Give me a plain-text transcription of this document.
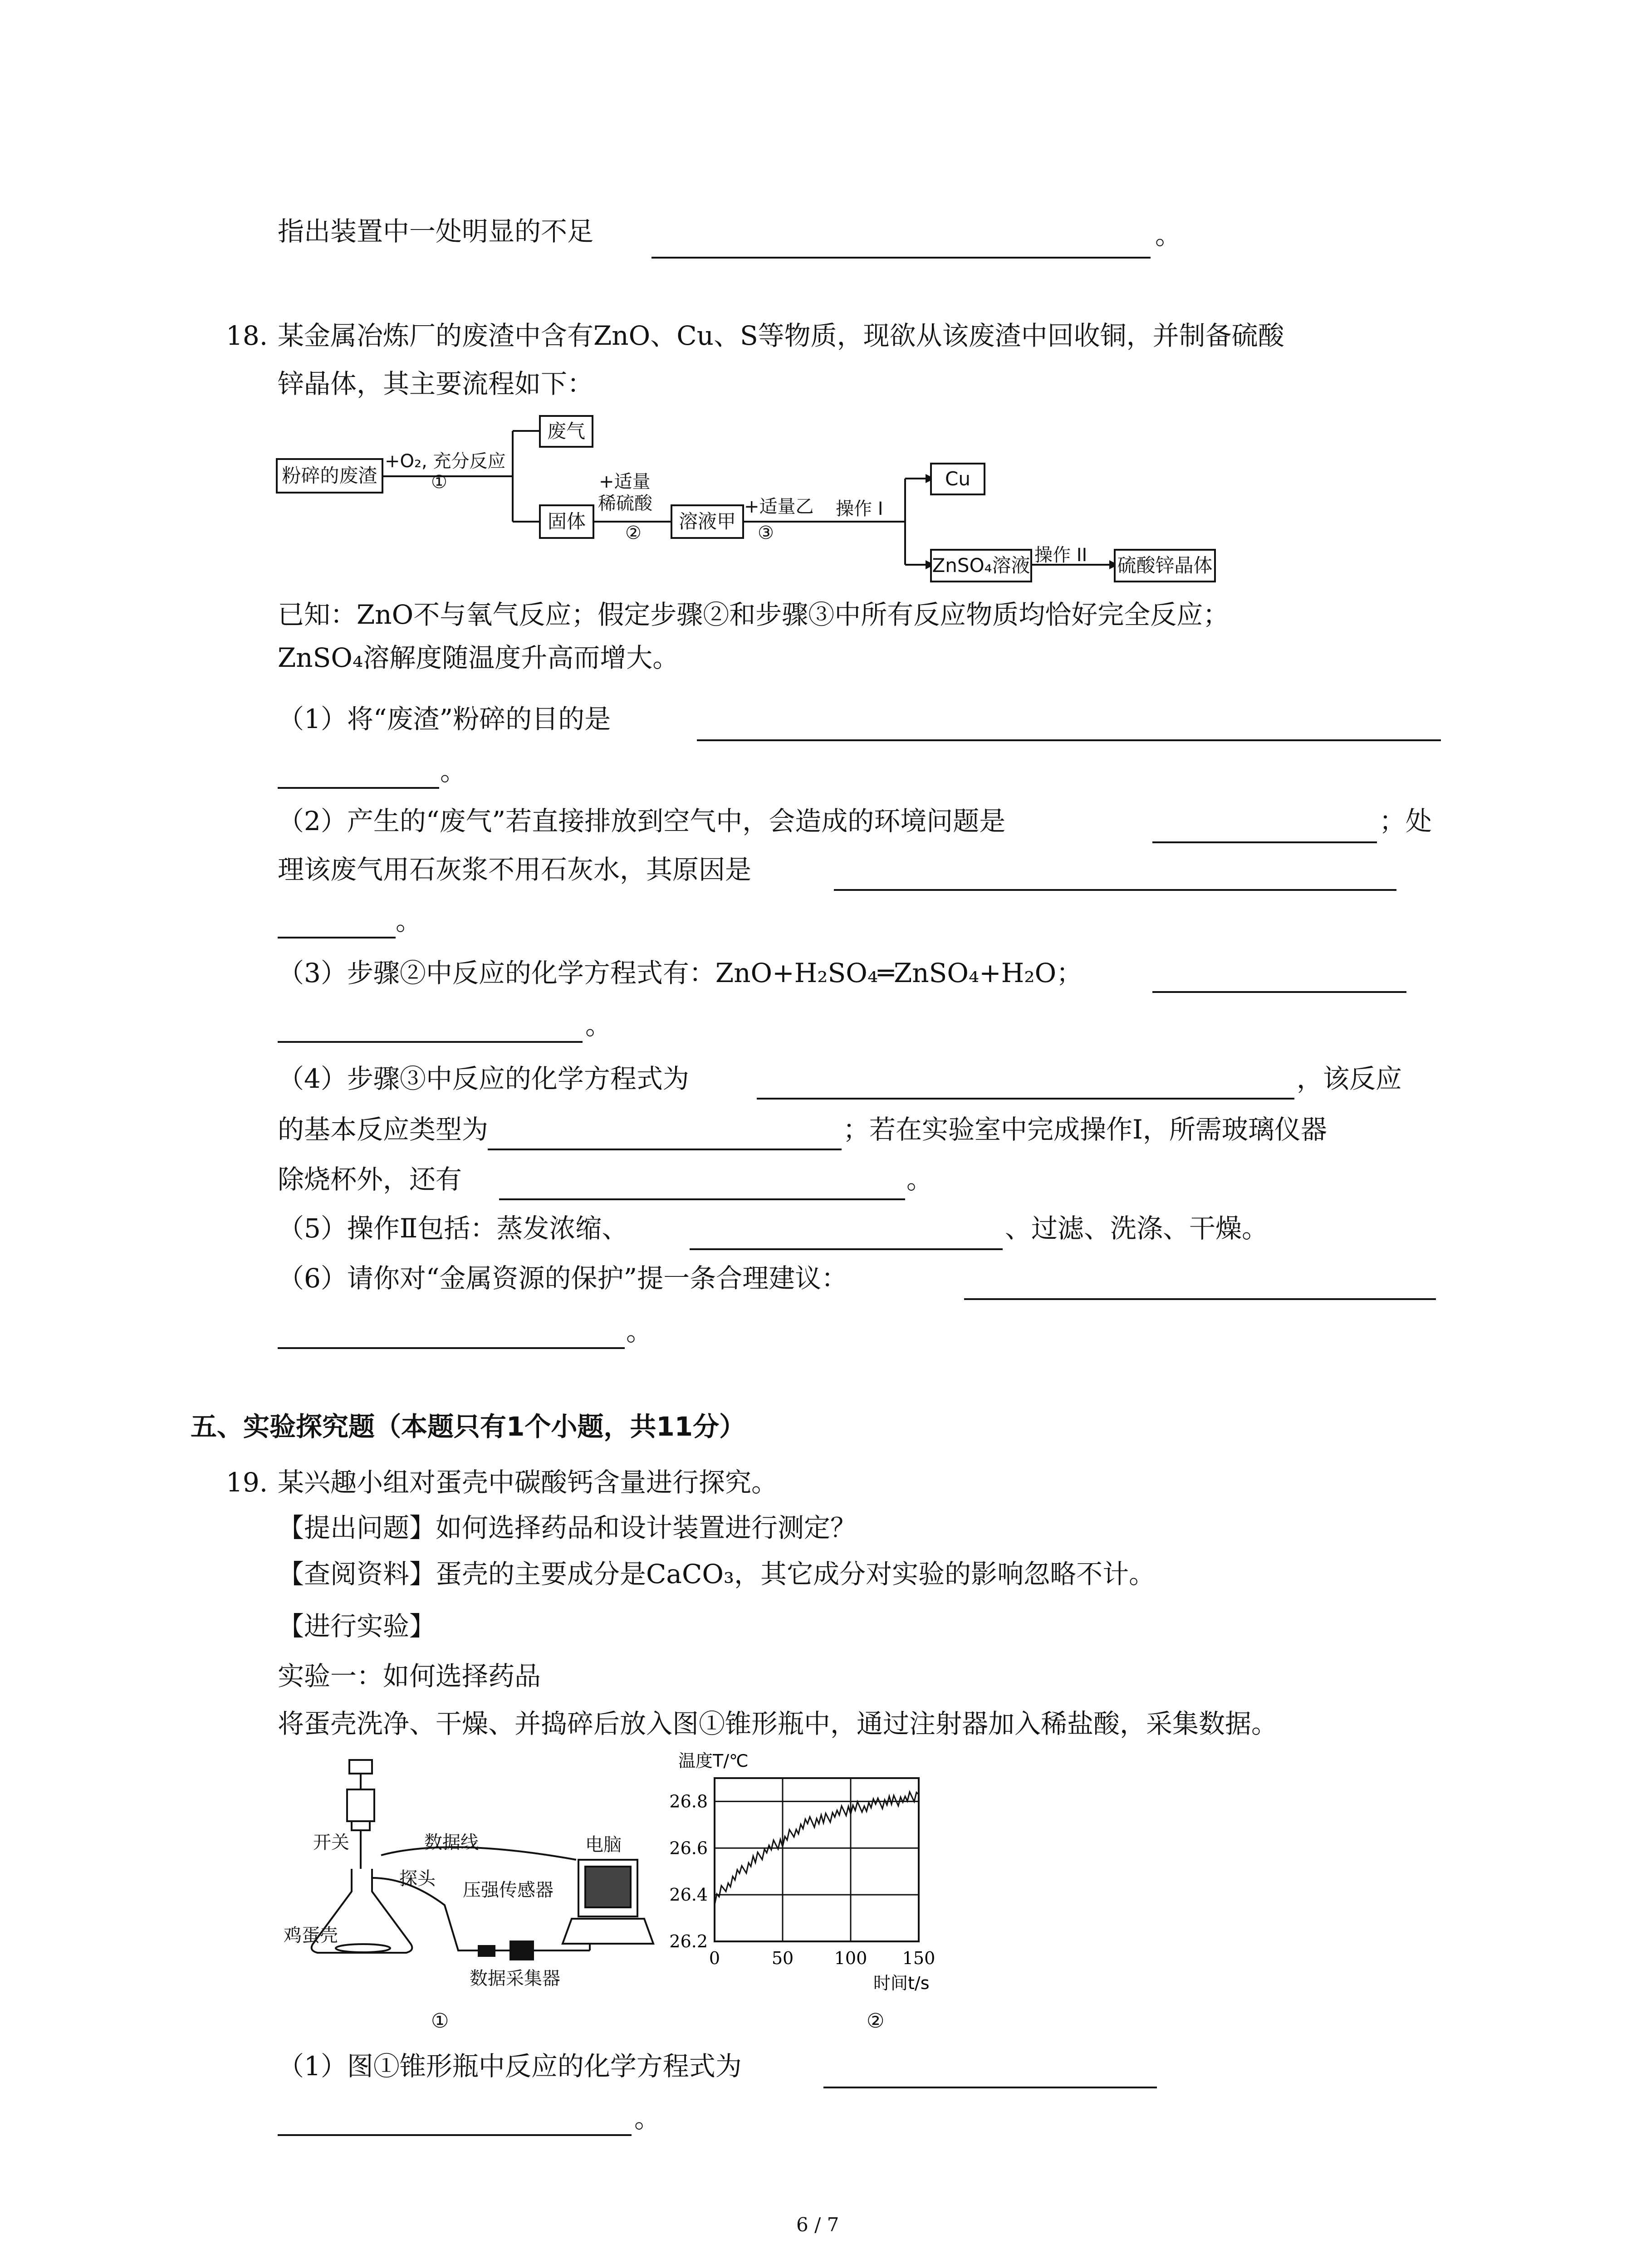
指出装置中一处明显的不足	。
18. 某金属冶炼厂的废渣中含有ZnO、Cu、S等物质，现欲从该废渣中回收铜，并制备硫酸
锌晶体，其主要流程如下：
粉碎的废渣
+O₂, 充分反应
①
废气
固体
+适量
稀硫酸
②
溶液甲
+适量乙
③
操作 I
Cu
ZnSO₄溶液 操作 II 硫酸锌晶体
已知：ZnO不与氧气反应；假定步骤②和步骤③中所有反应物质均恰好完全反应；
ZnSO₄溶解度随温度升高而增大。
（1）将“废渣”粉碎的目的是
。
（2）产生的“废气”若直接排放到空气中，会造成的环境问题是	；处
理该废气用石灰浆不用石灰水，其原因是
。
（3）步骤②中反应的化学方程式有：ZnO+H₂SO₄═ZnSO₄+H₂O；
。
（4）步骤③中反应的化学方程式为	，该反应
的基本反应类型为	；若在实验室中完成操作Ⅰ，所需玻璃仪器
除烧杯外，还有	。
（5）操作Ⅱ包括：蒸发浓缩、	、过滤、洗涤、干燥。
（6）请你对“金属资源的保护”提一条合理建议：
。
五、实验探究题（本题只有1个小题，共11分）
19. 某兴趣小组对蛋壳中碳酸钙含量进行探究。
【提出问题】如何选择药品和设计装置进行测定？
【查阅资料】蛋壳的主要成分是CaCO₃，其它成分对实验的影响忽略不计。
【进行实验】
实验一：如何选择药品
将蛋壳洗净、干燥、并捣碎后放入图①锥形瓶中，通过注射器加入稀盐酸，采集数据。
开关	数据线
探头
电脑
压强传感器
鸡蛋壳
数据采集器
①
0	50 100 150
26.2
26.4
26.6
26.8
温度T/℃
时间t/s
②
（1）图①锥形瓶中反应的化学方程式为
。
6 / 7
